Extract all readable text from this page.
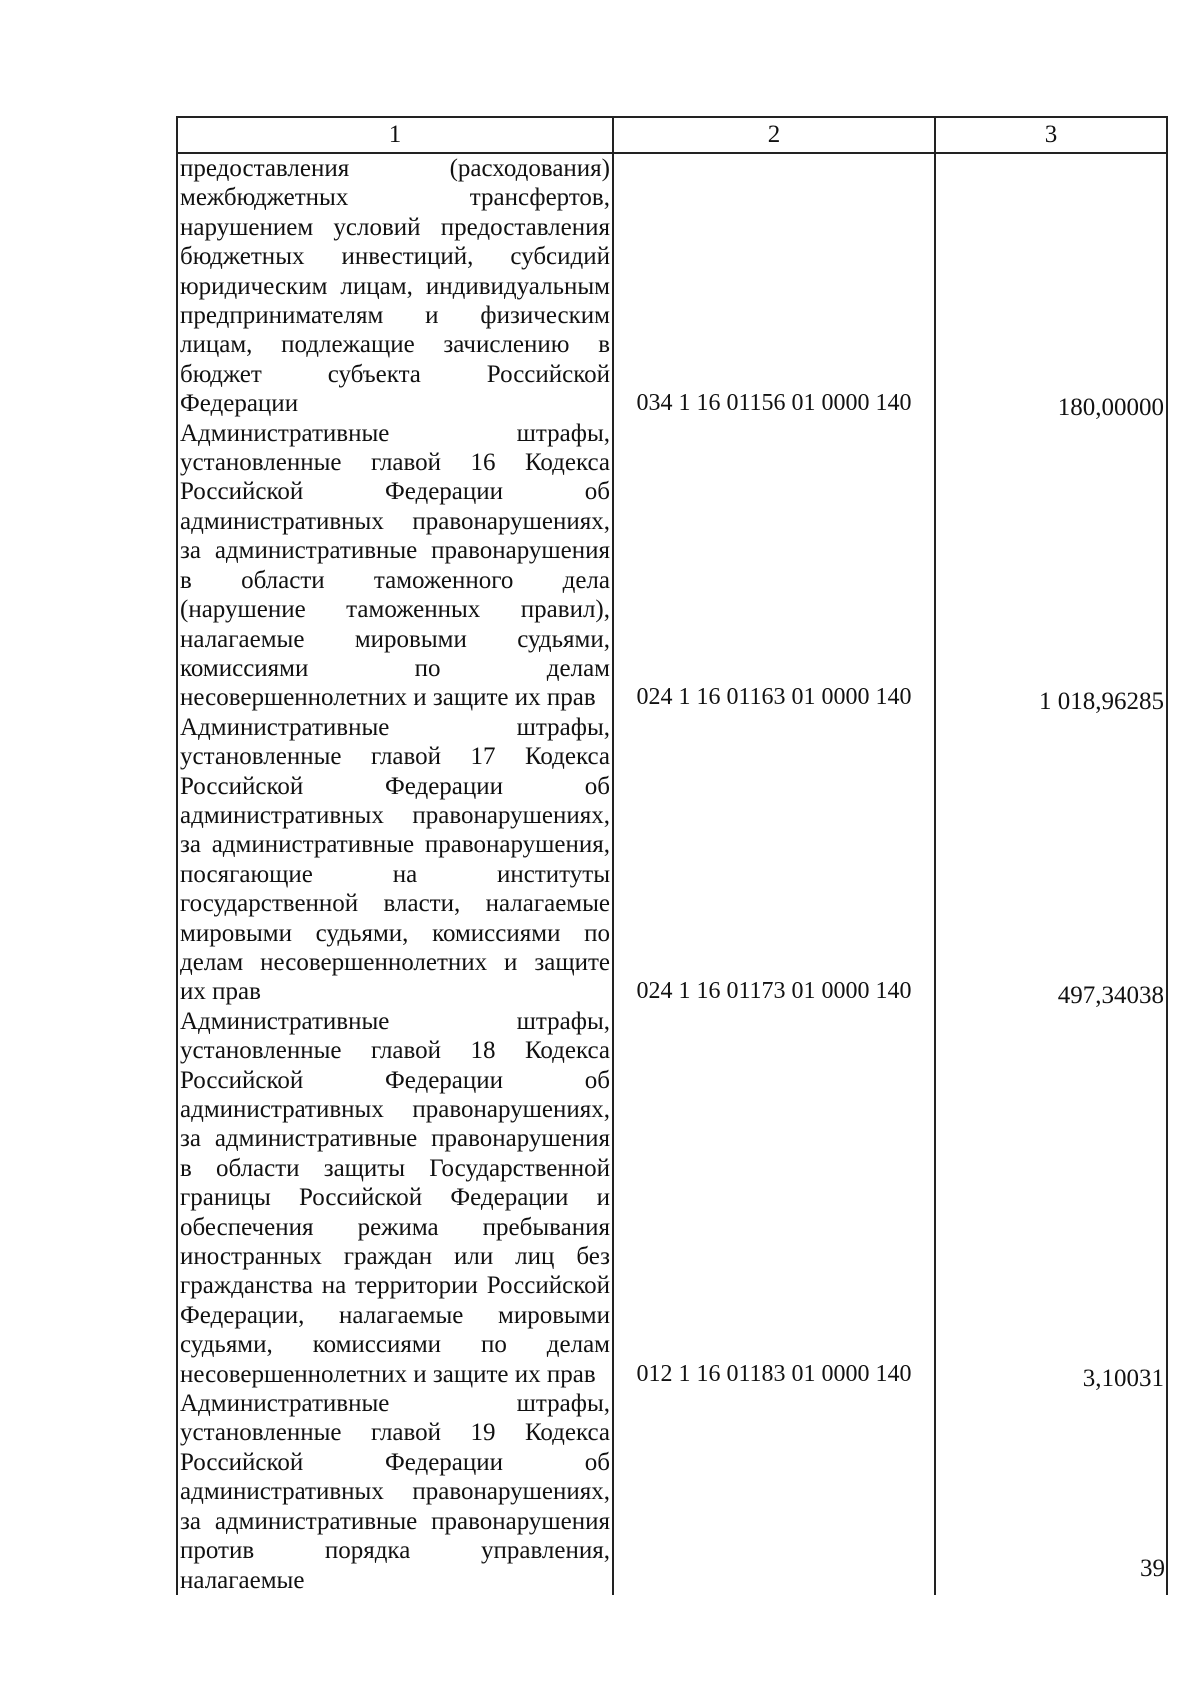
1	2	3

предоставления (расходования) межбюджетных трансфертов, нарушением условий предоставления бюджетных инвестиций, субсидий юридическим лицам, индивидуальным предпринимателям и физическим лицам, подлежащие зачислению в бюджет субъекта Российской Федерации	034 1 16 01156 01 0000 140	180,00000

Административные штрафы, установленные главой 16 Кодекса Российской Федерации об административных правонарушениях, за административные правонарушения в области таможенного дела (нарушение таможенных правил), налагаемые мировыми судьями, комиссиями по делам несовершеннолетних и защите их прав	024 1 16 01163 01 0000 140	1 018,96285

Административные штрафы, установленные главой 17 Кодекса Российской Федерации об административных правонарушениях, за административные правонарушения, посягающие на институты государственной власти, налагаемые мировыми судьями, комиссиями по делам несовершеннолетних и защите их прав	024 1 16 01173 01 0000 140	497,34038

Административные штрафы, установленные главой 18 Кодекса Российской Федерации об административных правонарушениях, за административные правонарушения в области защиты Государственной границы Российской Федерации и обеспечения режима пребывания иностранных граждан или лиц без гражданства на территории Российской Федерации, налагаемые мировыми судьями, комиссиями по делам несовершеннолетних и защите их прав	012 1 16 01183 01 0000 140	3,10031

Административные штрафы, установленные главой 19 Кодекса Российской Федерации об административных правонарушениях, за административные правонарушения против порядка управления, налагаемые		

			39
